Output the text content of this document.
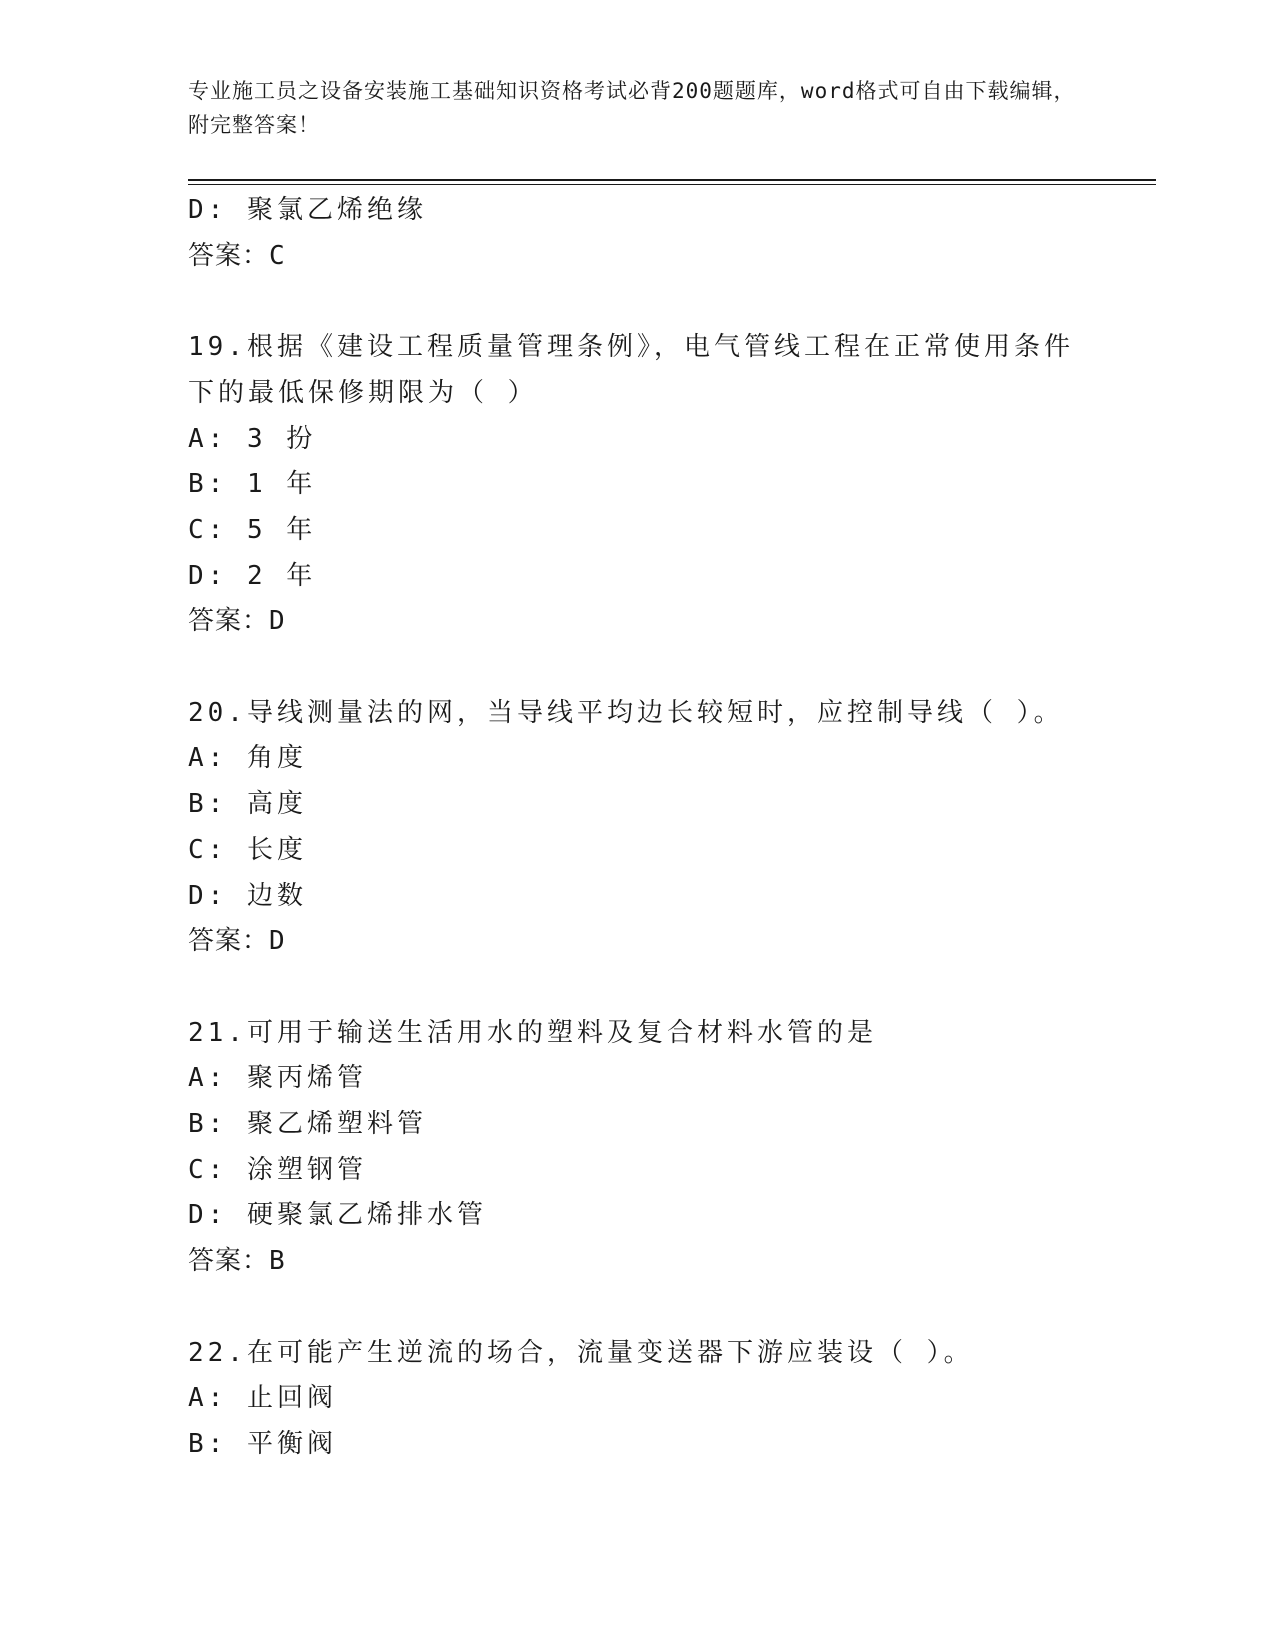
专业施工员之设备安装施工基础知识资格考试必背200题题库，word格式可自由下载编辑，附完整答案！
D: 聚氯乙烯绝缘
答案：C
19.根据《建设工程质量管理条例》，电气管线工程在正常使用条件下的最低保修期限为（ ）
A: 3 扮
B: 1 年
C: 5 年
D: 2 年
答案：D
20.导线测量法的网，当导线平均边长较短时，应控制导线（ ）。
A: 角度
B: 高度
C: 长度
D: 边数
答案：D
21.可用于输送生活用水的塑料及复合材料水管的是
A: 聚丙烯管
B: 聚乙烯塑料管
C: 涂塑钢管
D: 硬聚氯乙烯排水管
答案：B
22.在可能产生逆流的场合，流量变送器下游应装设（ ）。
A: 止回阀
B: 平衡阀
